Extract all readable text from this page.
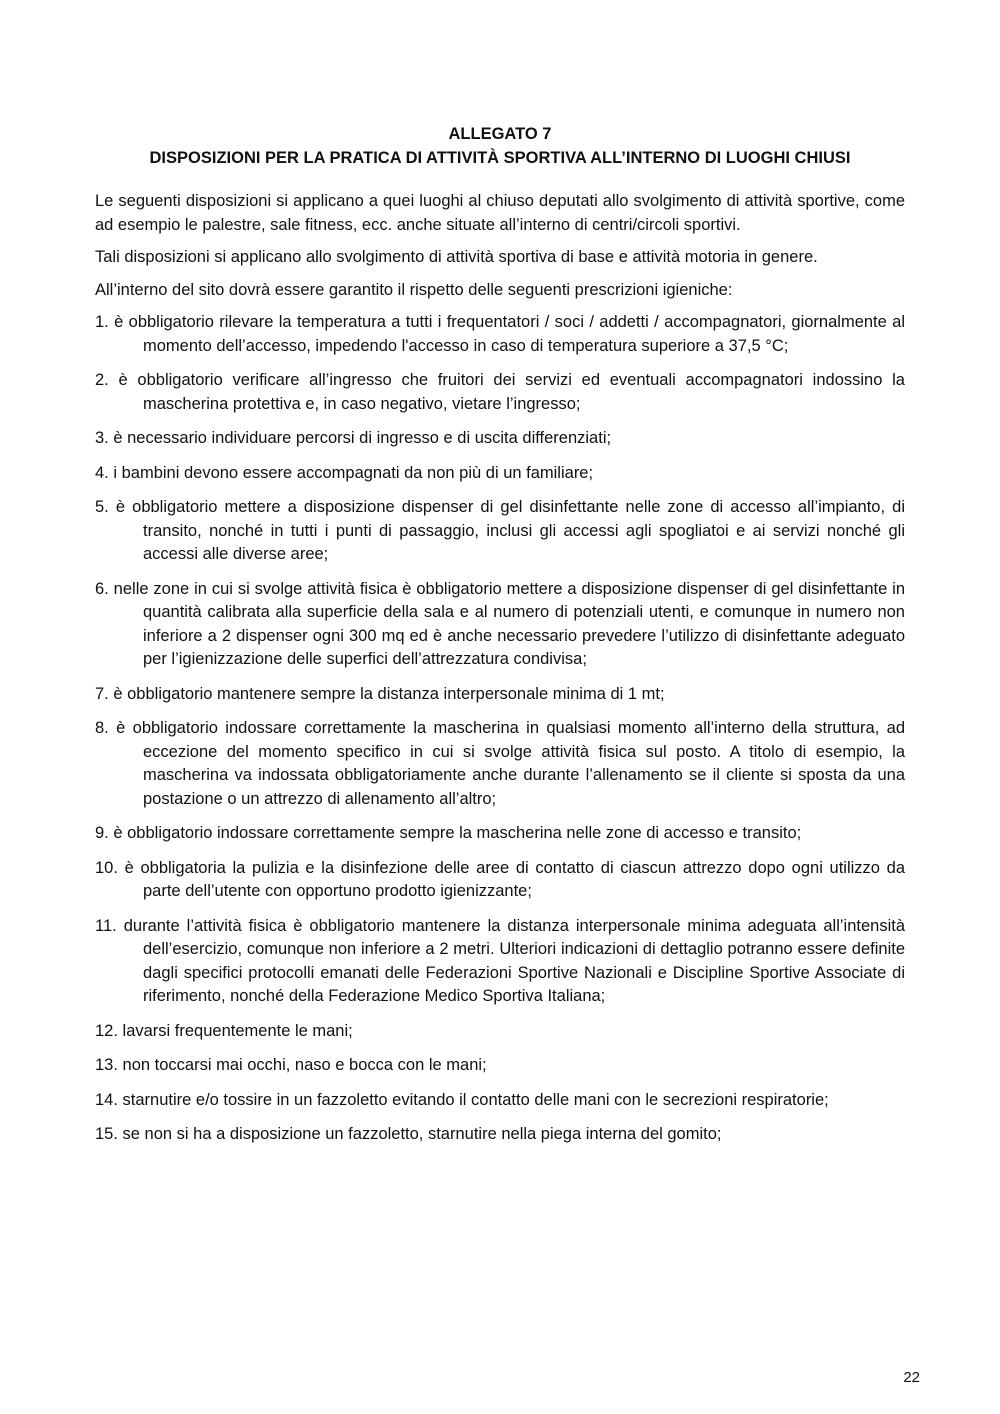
ALLEGATO 7
DISPOSIZIONI PER LA PRATICA DI ATTIVITÀ SPORTIVA ALL’INTERNO DI LUOGHI CHIUSI

Le seguenti disposizioni si applicano a quei luoghi al chiuso deputati allo svolgimento di attività sportive, come ad esempio le palestre, sale fitness, ecc. anche situate all’interno di centri/circoli sportivi.

Tali disposizioni si applicano allo svolgimento di attività sportiva di base e attività motoria in genere.

All’interno del sito dovrà essere garantito il rispetto delle seguenti prescrizioni igieniche:

1. è obbligatorio rilevare la temperatura a tutti i frequentatori / soci / addetti / accompagnatori, giornalmente al momento dell’accesso, impedendo l'accesso in caso di temperatura superiore a 37,5 °C;
2. è obbligatorio verificare all’ingresso che fruitori dei servizi ed eventuali accompagnatori indossino la mascherina protettiva e, in caso negativo, vietare l’ingresso;
3. è necessario individuare percorsi di ingresso e di uscita differenziati;
4. i bambini devono essere accompagnati da non più di un familiare;
5. è obbligatorio mettere a disposizione dispenser di gel disinfettante nelle zone di accesso all’impianto, di transito, nonché in tutti i punti di passaggio, inclusi gli accessi agli spogliatoi e ai servizi nonché gli accessi alle diverse aree;
6. nelle zone in cui si svolge attività fisica è obbligatorio mettere a disposizione dispenser di gel disinfettante in quantità calibrata alla superficie della sala e al numero di potenziali utenti, e comunque in numero non inferiore a 2 dispenser ogni 300 mq ed è anche necessario prevedere l’utilizzo di disinfettante adeguato per l’igienizzazione delle superfici dell’attrezzatura condivisa;
7. è obbligatorio mantenere sempre la distanza interpersonale minima di 1 mt;
8. è obbligatorio indossare correttamente la mascherina in qualsiasi momento all’interno della struttura, ad eccezione del momento specifico in cui si svolge attività fisica sul posto. A titolo di esempio, la mascherina va indossata obbligatoriamente anche durante l’allenamento se il cliente si sposta da una postazione o un attrezzo di allenamento all’altro;
9. è obbligatorio indossare correttamente sempre la mascherina nelle zone di accesso e transito;
10. è obbligatoria la pulizia e la disinfezione delle aree di contatto di ciascun attrezzo dopo ogni utilizzo da parte dell’utente con opportuno prodotto igienizzante;
11. durante l’attività fisica è obbligatorio mantenere la distanza interpersonale minima adeguata all’intensità dell’esercizio, comunque non inferiore a 2 metri. Ulteriori indicazioni di dettaglio potranno essere definite dagli specifici protocolli emanati delle Federazioni Sportive Nazionali e Discipline Sportive Associate di riferimento, nonché della Federazione Medico Sportiva Italiana;
12. lavarsi frequentemente le mani;
13. non toccarsi mai occhi, naso e bocca con le mani;
14. starnutire e/o tossire in un fazzoletto evitando il contatto delle mani con le secrezioni respiratorie;
15. se non si ha a disposizione un fazzoletto, starnutire nella piega interna del gomito;
22
